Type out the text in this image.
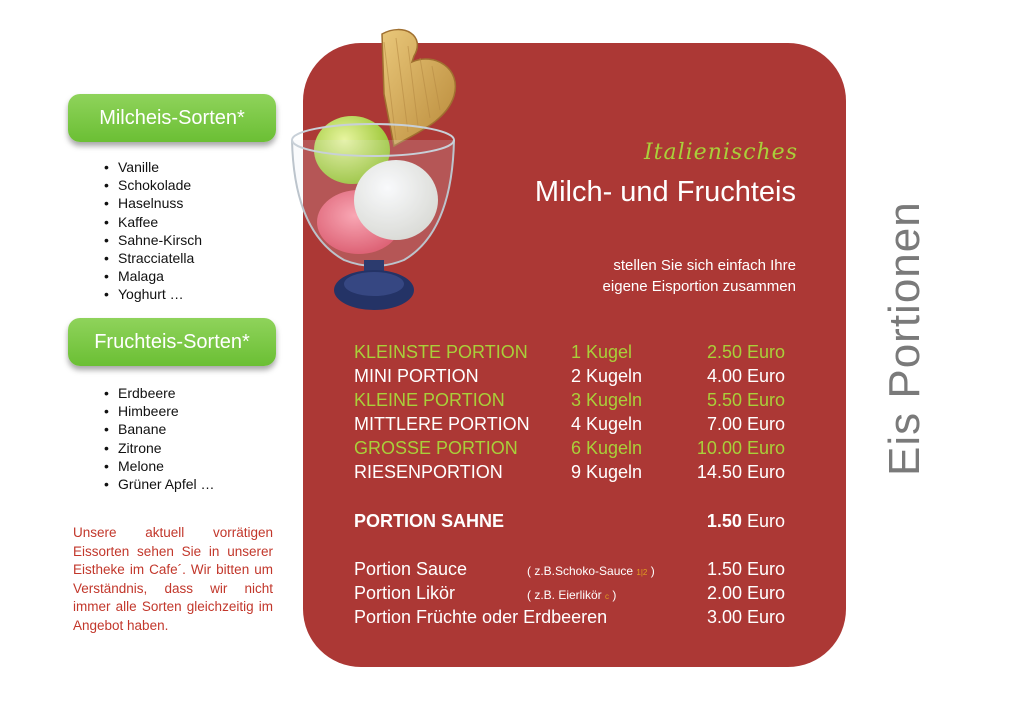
Milcheis-Sorten*
• Vanille
• Schokolade
• Haselnuss
• Kaffee
• Sahne-Kirsch
• Stracciatella
• Malaga
• Yoghurt …
Fruchteis-Sorten*
• Erdbeere
• Himbeere
• Banane
• Zitrone
• Melone
• Grüner Apfel …
Unsere aktuell vorrätigen Eissorten sehen Sie in unserer Eistheke im Cafe´. Wir bitten um Verständnis, dass wir nicht immer alle Sorten gleichzeitig im Angebot haben.
Italienisches
Milch- und Fruchteis
stellen Sie sich einfach Ihre
eigene Eisportion zusammen
KLEINSTE PORTION 1 Kugel	2.50 Euro
MINI PORTION	2 Kugeln	4.00 Euro
KLEINE PORTION	3 Kugeln	5.50 Euro
MITTLERE PORTION 4 Kugeln	7.00 Euro
GROSSE PORTION	6 Kugeln	10.00 Euro
RIESENPORTION	9 Kugeln	14.50 Euro
PORTION SAHNE	1.50 Euro
Portion Sauce	( z.B.Schoko-Sauce 1|2 )	1.50 Euro
Portion Likör	( z.B. Eierlikör c )	2.00 Euro
Portion Früchte oder Erdbeeren	3.00 Euro
Eis Portionen
